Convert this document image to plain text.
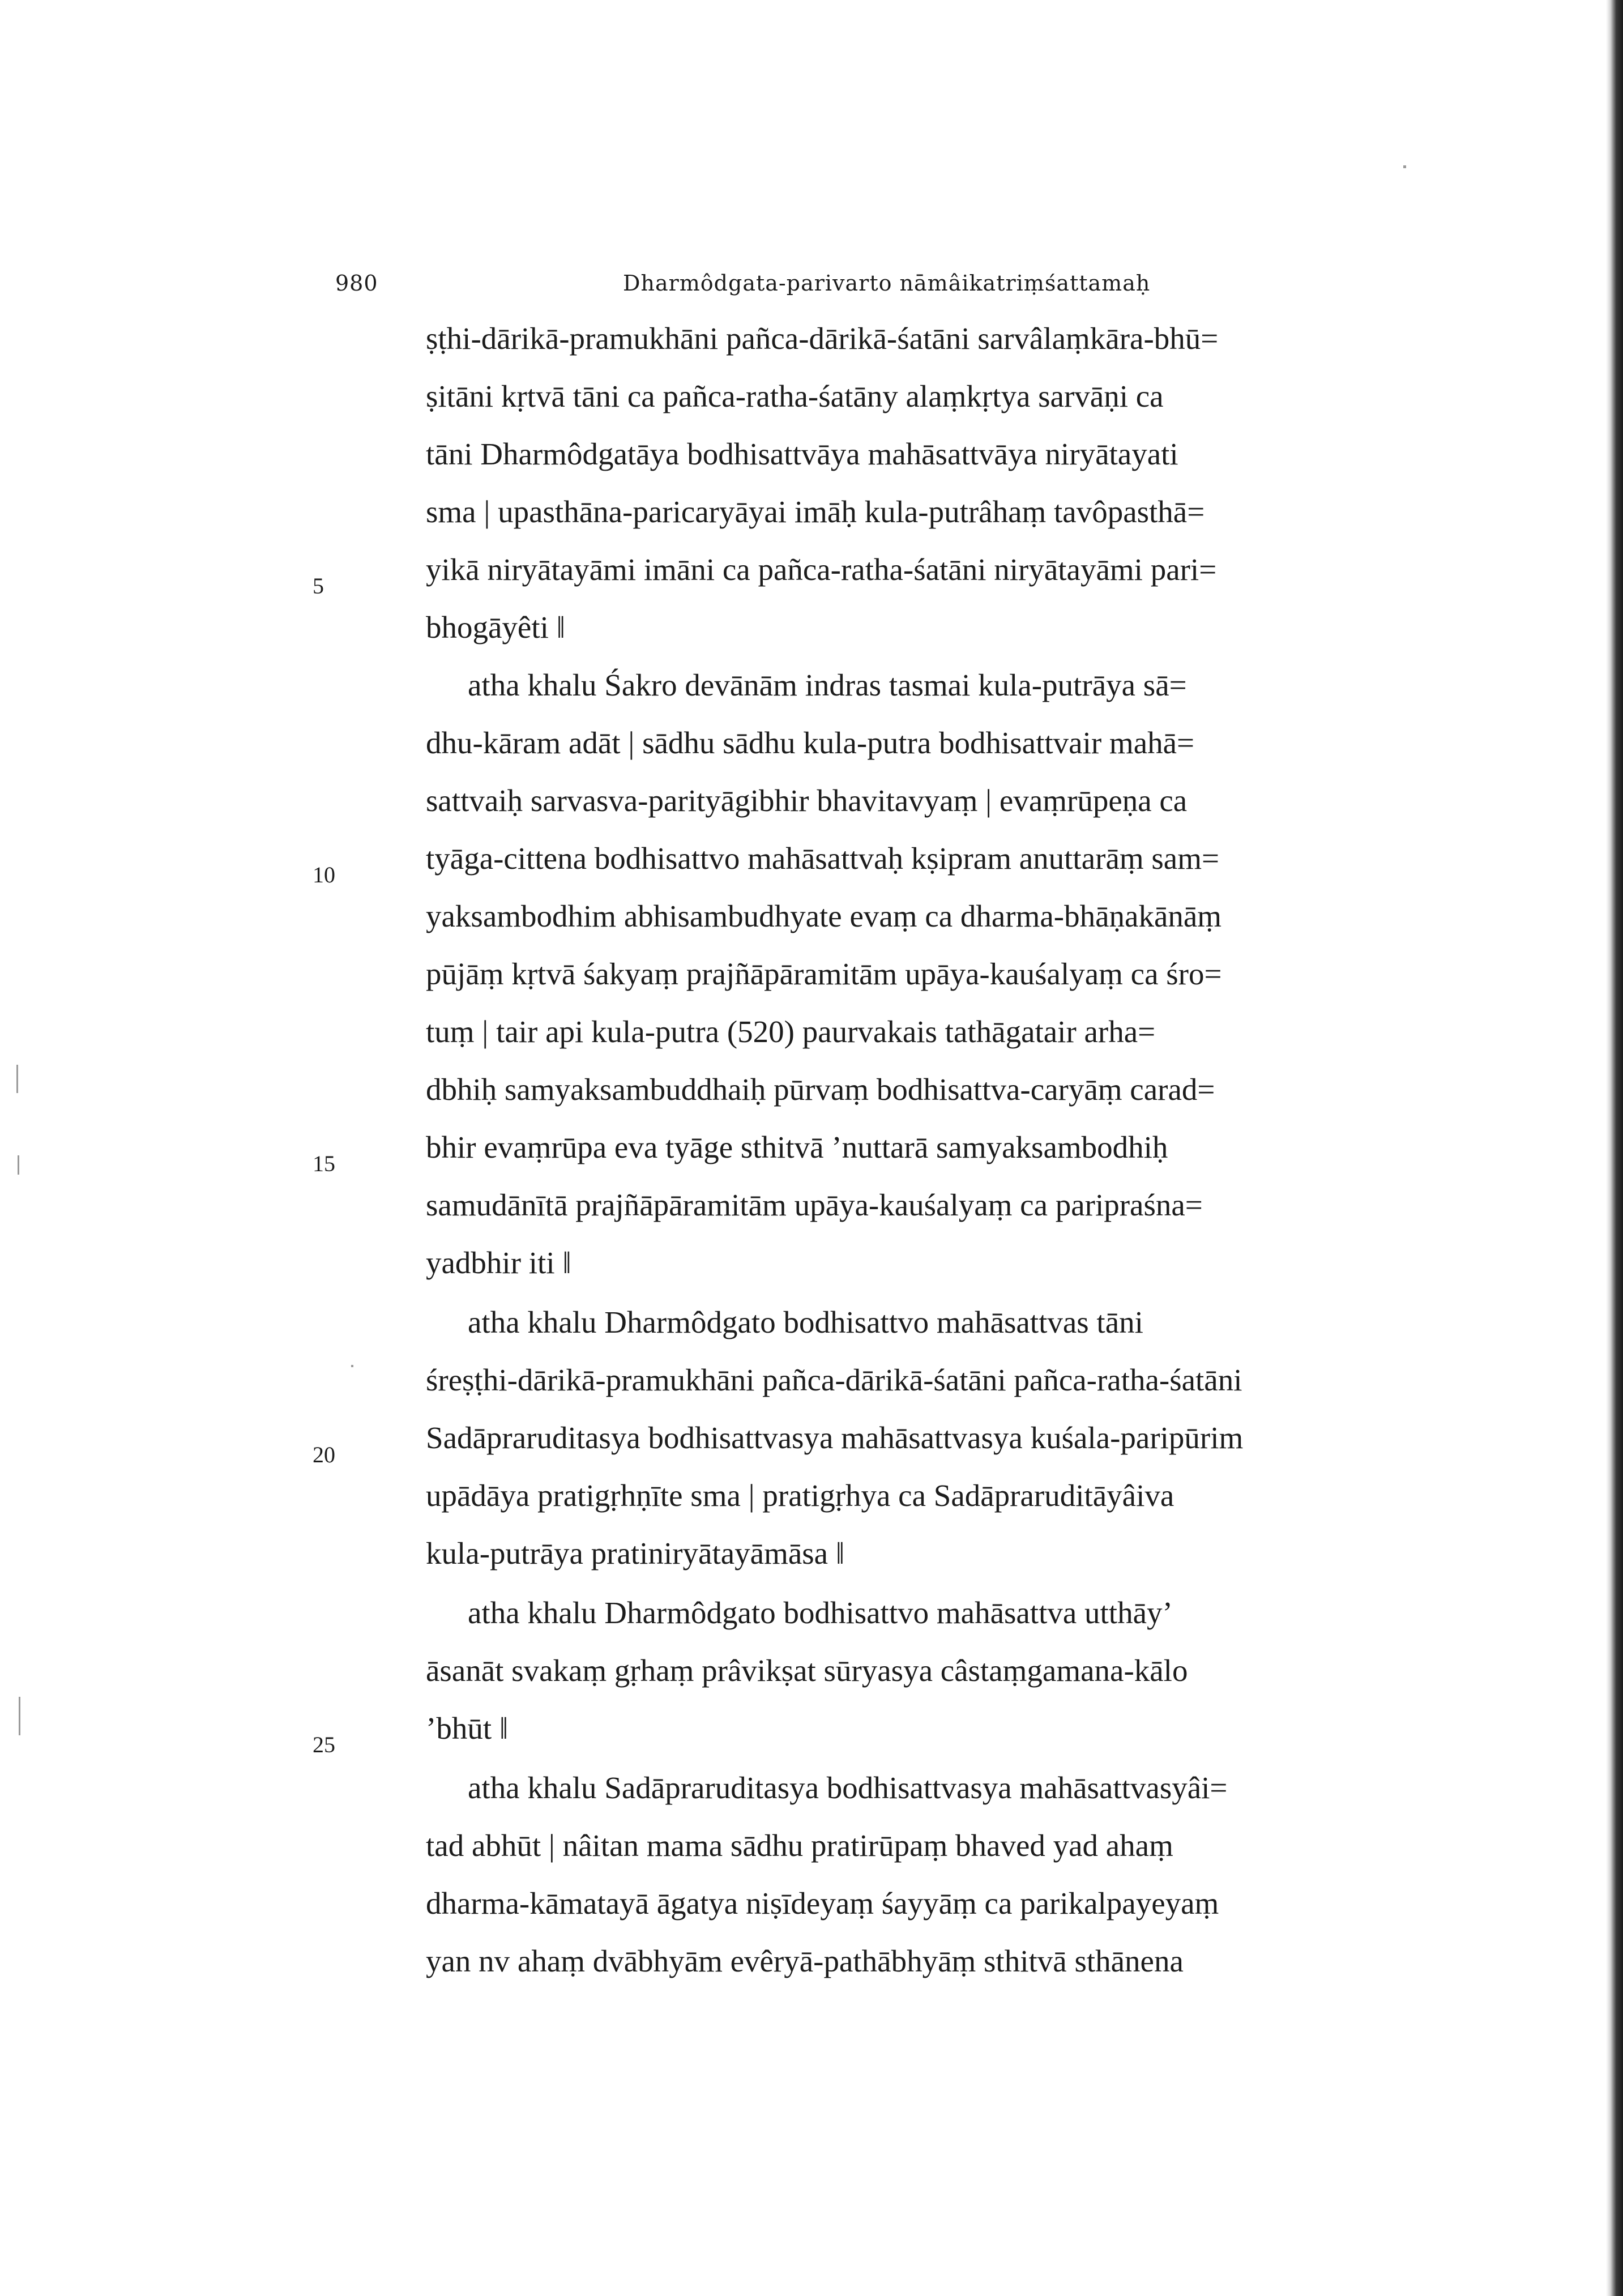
980	Dharmôdgata-parivarto nāmâikatriṃśattamaḥ
5
10
15
20
25
ṣṭhi-dārikā-pramukhāni pañca-dārikā-śatāni sarvâlaṃkāra-bhū=
ṣitāni kṛtvā tāni ca pañca-ratha-śatāny alaṃkṛtya sarvāṇi ca
tāni Dharmôdgatāya bodhisattvāya mahāsattvāya niryātayati
sma | upasthāna-paricaryāyai imāḥ kula-putrâhaṃ tavôpasthā=
yikā niryātayāmi imāni ca pañca-ratha-śatāni niryātayāmi pari=
bhogāyêti ‖
atha khalu Śakro devānām indras tasmai kula-putrāya sā=
dhu-kāram adāt | sādhu sādhu kula-putra bodhisattvair mahā=
sattvaiḥ sarvasva-parityāgibhir bhavitavyaṃ | evaṃrūpeṇa ca
tyāga-cittena bodhisattvo mahāsattvaḥ kṣipram anuttarāṃ sam=
yaksambodhim abhisambudhyate evaṃ ca dharma-bhāṇakānāṃ
pūjāṃ kṛtvā śakyaṃ prajñāpāramitām upāya-kauśalyaṃ ca śro=
tuṃ | tair api kula-putra (520) paurvakais tathāgatair arha=
dbhiḥ samyaksambuddhaiḥ pūrvaṃ bodhisattva-caryāṃ carad=
bhir evaṃrūpa eva tyāge sthitvā ’nuttarā samyaksambodhiḥ
samudānītā prajñāpāramitām upāya-kauśalyaṃ ca paripraśna=
yadbhir iti ‖
atha khalu Dharmôdgato bodhisattvo mahāsattvas tāni
śreṣṭhi-dārikā-pramukhāni pañca-dārikā-śatāni pañca-ratha-śatāni
Sadāpraruditasya bodhisattvasya mahāsattvasya kuśala-paripūrim
upādāya pratigṛhṇīte sma | pratigṛhya ca Sadāpraruditāyâiva
kula-putrāya pratiniryātayāmāsa ‖
atha khalu Dharmôdgato bodhisattvo mahāsattva utthāy’
āsanāt svakaṃ gṛhaṃ prâvikṣat sūryasya câstaṃgamana-kālo
’bhūt ‖
atha khalu Sadāpraruditasya bodhisattvasya mahāsattvasyâi=
tad abhūt | nâitan mama sādhu pratirūpaṃ bhaved yad ahaṃ
dharma-kāmatayā āgatya niṣīdeyaṃ śayyāṃ ca parikalpayeyaṃ
yan nv ahaṃ dvābhyām evêryā-pathābhyāṃ sthitvā sthānena
